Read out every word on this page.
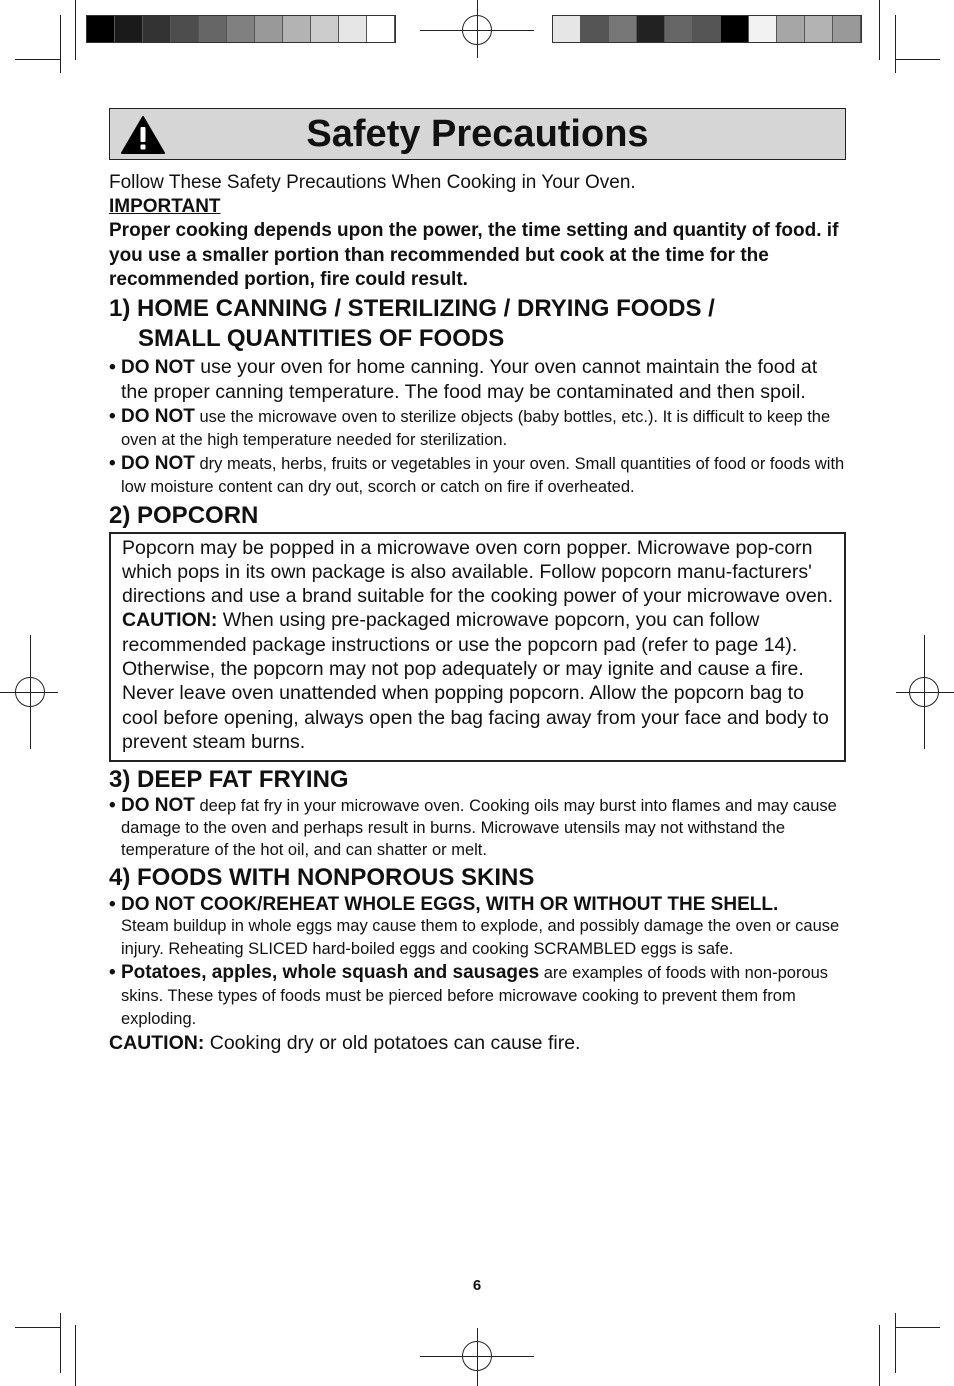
Safety Precautions
Follow These Safety Precautions When Cooking in Your Oven.
IMPORTANT
Proper cooking depends upon the power, the time setting and quantity of food. if you use a smaller portion than recommended but cook at the time for the recommended portion, fire could result.
1) HOME CANNING / STERILIZING / DRYING FOODS /
SMALL QUANTITIES OF FOODS

• DO NOT use your oven for home canning. Your oven cannot maintain the food at the proper canning temperature. The food may be contaminated and then spoil.

• DO NOT use the microwave oven to sterilize objects (baby bottles, etc.). It is difficult to keep the oven at the high temperature needed for sterilization.

• DO NOT dry meats, herbs, fruits or vegetables in your oven. Small quantities of food or foods with low moisture content can dry out, scorch or catch on fire if overheated.

2) POPCORN
Popcorn may be popped in a microwave oven corn popper. Microwave pop-corn which pops in its own package is also available. Follow popcorn manu-facturers' directions and use a brand suitable for the cooking power of your microwave oven.
CAUTION: When using pre-packaged microwave popcorn, you can follow recommended package instructions or use the popcorn pad (refer to page 14). Otherwise, the popcorn may not pop adequately or may ignite and cause a fire. Never leave oven unattended when popping popcorn. Allow the popcorn bag to cool before opening, always open the bag facing away from your face and body to prevent steam burns.
3) DEEP FAT FRYING

• DO NOT deep fat fry in your microwave oven. Cooking oils may burst into flames and may cause damage to the oven and perhaps result in burns. Microwave utensils may not withstand the temperature of the hot oil, and can shatter or melt.

4) FOODS WITH NONPOROUS SKINS

• DO NOT COOK/REHEAT WHOLE EGGS, WITH OR WITHOUT THE SHELL.
Steam buildup in whole eggs may cause them to explode, and possibly damage the oven or cause injury. Reheating SLICED hard-boiled eggs and cooking SCRAMBLED eggs is safe.

• Potatoes, apples, whole squash and sausages are examples of foods with non-porous skins. These types of foods must be pierced before microwave cooking to prevent them from exploding.

CAUTION: Cooking dry or old potatoes can cause fire.
6
